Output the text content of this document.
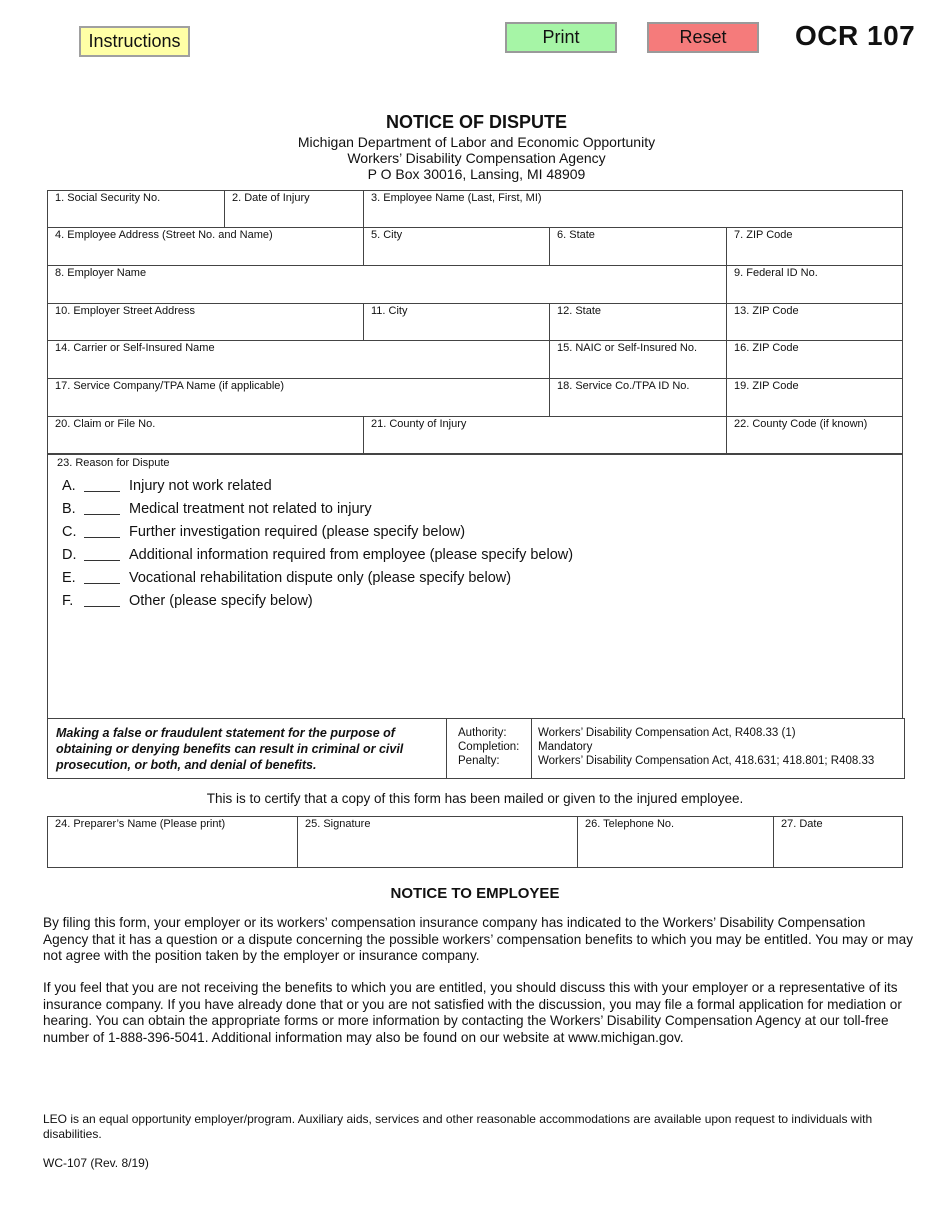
Instructions	Print	Reset	OCR 107
NOTICE OF DISPUTE
Michigan Department of Labor and Economic Opportunity
Workers’ Disability Compensation Agency
P O Box 30016, Lansing, MI 48909
1. Social Security No.	2. Date of Injury	3. Employee Name (Last, First, MI)
4. Employee Address (Street No. and Name)	5. City	6. State	7. ZIP Code
8. Employer Name	9. Federal ID No.
10. Employer Street Address	11. City	12. State	13. ZIP Code
14. Carrier or Self-Insured Name	15. NAIC or Self-Insured No.	16. ZIP Code
17. Service Company/TPA Name (if applicable)	18. Service Co./TPA ID No.	19. ZIP Code
20. Claim or File No.	21. County of Injury	22. County Code (if known)
23. Reason for Dispute
A.	Injury not work related
B.	Medical treatment not related to injury
C.	Further investigation required (please specify below)
D.	Additional information required from employee (please specify below)
E.	Vocational rehabilitation dispute only (please specify below)
F.	Other (please specify below)
Making a false or fraudulent statement for the purpose of obtaining or denying benefits can result in criminal or civil prosecution, or both, and denial of benefits.
Authority:	Workers’ Disability Compensation Act, R408.33 (1)
Completion: Mandatory
Penalty:	Workers’ Disability Compensation Act, 418.631; 418.801; R408.33
This is to certify that a copy of this form has been mailed or given to the injured employee.
24. Preparer’s Name (Please print)	25. Signature	26. Telephone No.	27. Date
NOTICE TO EMPLOYEE
By filing this form, your employer or its workers’ compensation insurance company has indicated to the Workers’ Disability Compensation Agency that it has a question or a dispute concerning the possible workers’ compensation benefits to which you may be entitled. You may or may not agree with the position taken by the employer or insurance company.
If you feel that you are not receiving the benefits to which you are entitled, you should discuss this with your employer or a representative of its insurance company. If you have already done that or you are not satisfied with the discussion, you may file a formal application for mediation or hearing. You can obtain the appropriate forms or more information by contacting the Workers’ Disability Compensation Agency at our toll-free number of 1-888-396-5041. Additional information may also be found on our website at www.michigan.gov.
LEO is an equal opportunity employer/program. Auxiliary aids, services and other reasonable accommodations are available upon request to individuals with disabilities.
WC-107 (Rev. 8/19)
